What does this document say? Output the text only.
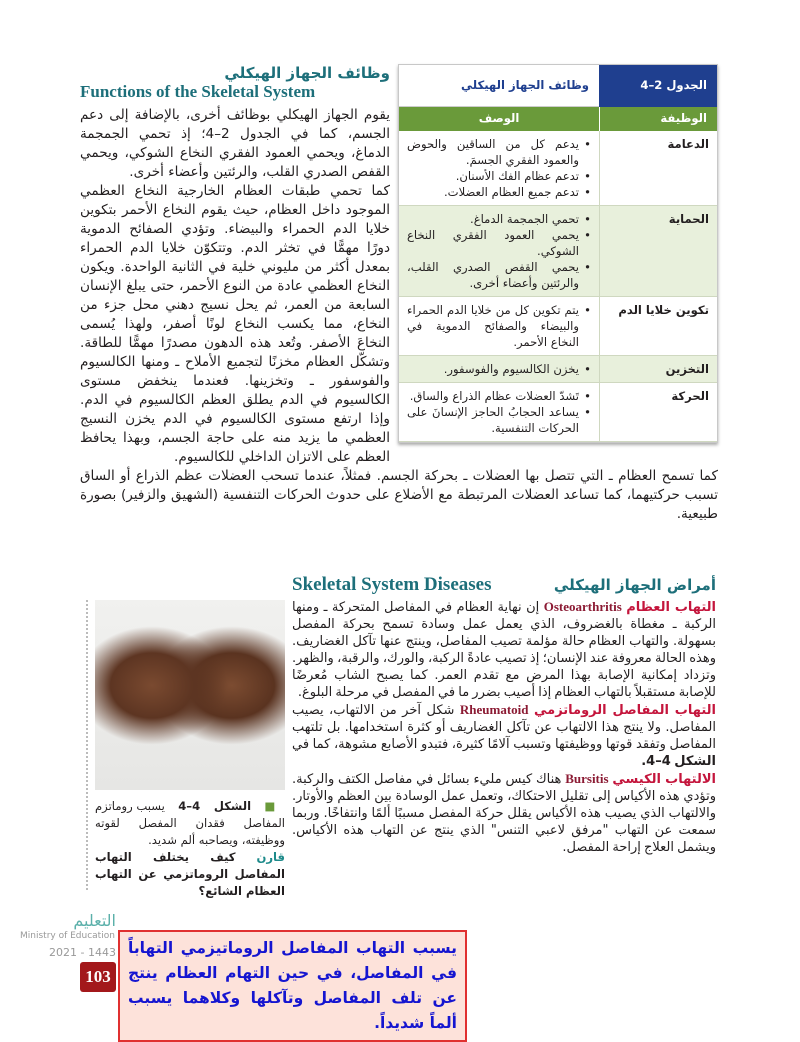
الجدول 2–4
وظائف الجهاز الهيكلي
الوظيفة
الوصف
الدعامة
• يدعم كل من الساقين والحوض والعمود الفقري الجسمَ.
• تدعم عظام الفك الأسنان.
• تدعم جميع العظام العضلات.
الحماية
• تحمي الجمجمة الدماغ.
• يحمي العمود الفقري النخاع الشوكي.
• يحمي القفص الصدري القلب، والرئتين وأعضاء أخرى.
تكوين خلايا الدم
• يتم تكوين كل من خلايا الدم الحمراء والبيضاء والصفائح الدموية في النخاع الأحمر.
التخزين
• يخزن الكالسيوم والفوسفور.
الحركة
• تَشدّ العضلات عظام الذراع والساق.
• يساعد الحجابُ الحاجز الإنسانَ على الحركات التنفسية.
وظائف الجهاز الهيكلي
Functions of the Skeletal System

يقوم الجهاز الهيكلي بوظائف أخرى، بالإضافة إلى دعم الجسم، كما في الجدول 2–4؛ إذ تحمي الجمجمة الدماغ، ويحمي العمود الفقري النخاع الشوكي، ويحمي القفص الصدري القلب، والرئتين وأعضاء أخرى.

كما تحمي طبقات العظام الخارجية النخاع العظمي الموجود داخل العظام، حيث يقوم النخاع الأحمر بتكوين خلايا الدم الحمراء والبيضاء. وتؤدي الصفائح الدموية دورًا مهمًّا في تخثر الدم. وتتكوّن خلايا الدم الحمراء بمعدل أكثر من مليوني خلية في الثانية الواحدة. ويكون النخاع العظمي عادة من النوع الأحمر، حتى يبلغ الإنسان السابعة من العمر، ثم يحل نسيج دهني محل جزء من النخاع، مما يكسب النخاع لونًا أصفر، ولهذا يُسمى النخاعَ الأصفر. وتُعد هذه الدهون مصدرًا مهمًّا للطاقة. وتشكّل العظام مخزنًا لتجميع الأملاح ـ ومنها الكالسيوم والفوسفور ـ وتخزينها. فعندما ينخفض مستوى الكالسيوم في الدم يطلق العظم الكالسيوم في الدم. وإذا ارتفع مستوى الكالسيوم في الدم يخزن النسيج العظمي ما يزيد منه على حاجة الجسم، وبهذا يحافظ العظم على الاتزان الداخلي للكالسيوم.

كما تسمح العظام ـ التي تتصل بها العضلات ـ بحركة الجسم. فمثلاً، عندما تسحب العضلات عظم الذراع أو الساق تسبب حركتيهما، كما تساعد العضلات المرتبطة مع الأضلاع على حدوث الحركات التنفسية (الشهيق والزفير) بصورة طبيعية.

■ الشكل 4–4 يسبب روماتزم المفاصل فقدان المفصل لقوته ووظيفته، ويصاحبه ألم شديد.
قارن كيف يختلف التهاب المفاصل الروماتزمي عن التهاب العظام الشائع؟
أمراض الجهاز الهيكلي
Skeletal System Diseases

التهاب العظام Osteoarthritis إن نهاية العظام في المفاصل المتحركة ـ ومنها الركبة ـ مغطاة بالغضروف، الذي يعمل عمل وسادة تسمح بحركة المفصل بسهولة. والتهاب العظام حالة مؤلمة تصيب المفاصل، وينتج عنها تآكل الغضاريف. وهذه الحالة معروفة عند الإنسان؛ إذ تصيب عادةً الركبة، والورك، والرقبة، والظهر. وتزداد إمكانية الإصابة بهذا المرض مع تقدم العمر. كما يصبح الشاب مُعرضًا للإصابة مستقبلاً بالتهاب العظام إذا أصيب بضرر ما في المفصل في مرحلة البلوغ.

التهاب المفاصل الروماتزمي Rheumatoid شكل آخر من الالتهاب، يصيب المفاصل. ولا ينتج هذا الالتهاب عن تآكل الغضاريف أو كثرة استخدامها. بل تلتهب المفاصل وتفقد قوتها ووظيفتها وتسبب آلامًا كثيرة، فتبدو الأصابع مشوهة، كما في الشكل 4–4.

الالتهاب الكيسي Bursitis هناك كيس مليء بسائل في مفاصل الكتف والركبة. وتؤدي هذه الأكياس إلى تقليل الاحتكاك، وتعمل عمل الوسادة بين العظم والأوتار. والالتهاب الذي يصيب هذه الأكياس يقلل حركة المفصل مسببًا ألمًا وانتفاخًا. وربما سمعت عن التهاب "مرفق لاعبي التنس" الذي ينتج عن التهاب هذه الأكياس. ويشمل العلاج إراحة المفصل.

التعليم
Ministry of Education
2021 - 1443
103
يسبب التهاب المفاصل الروماتيزمي التهاباً في المفاصل، في حين التهام العظام ينتج عن تلف المفاصل وتآكلها وكلاهما يسبب ألماً شديداً.
